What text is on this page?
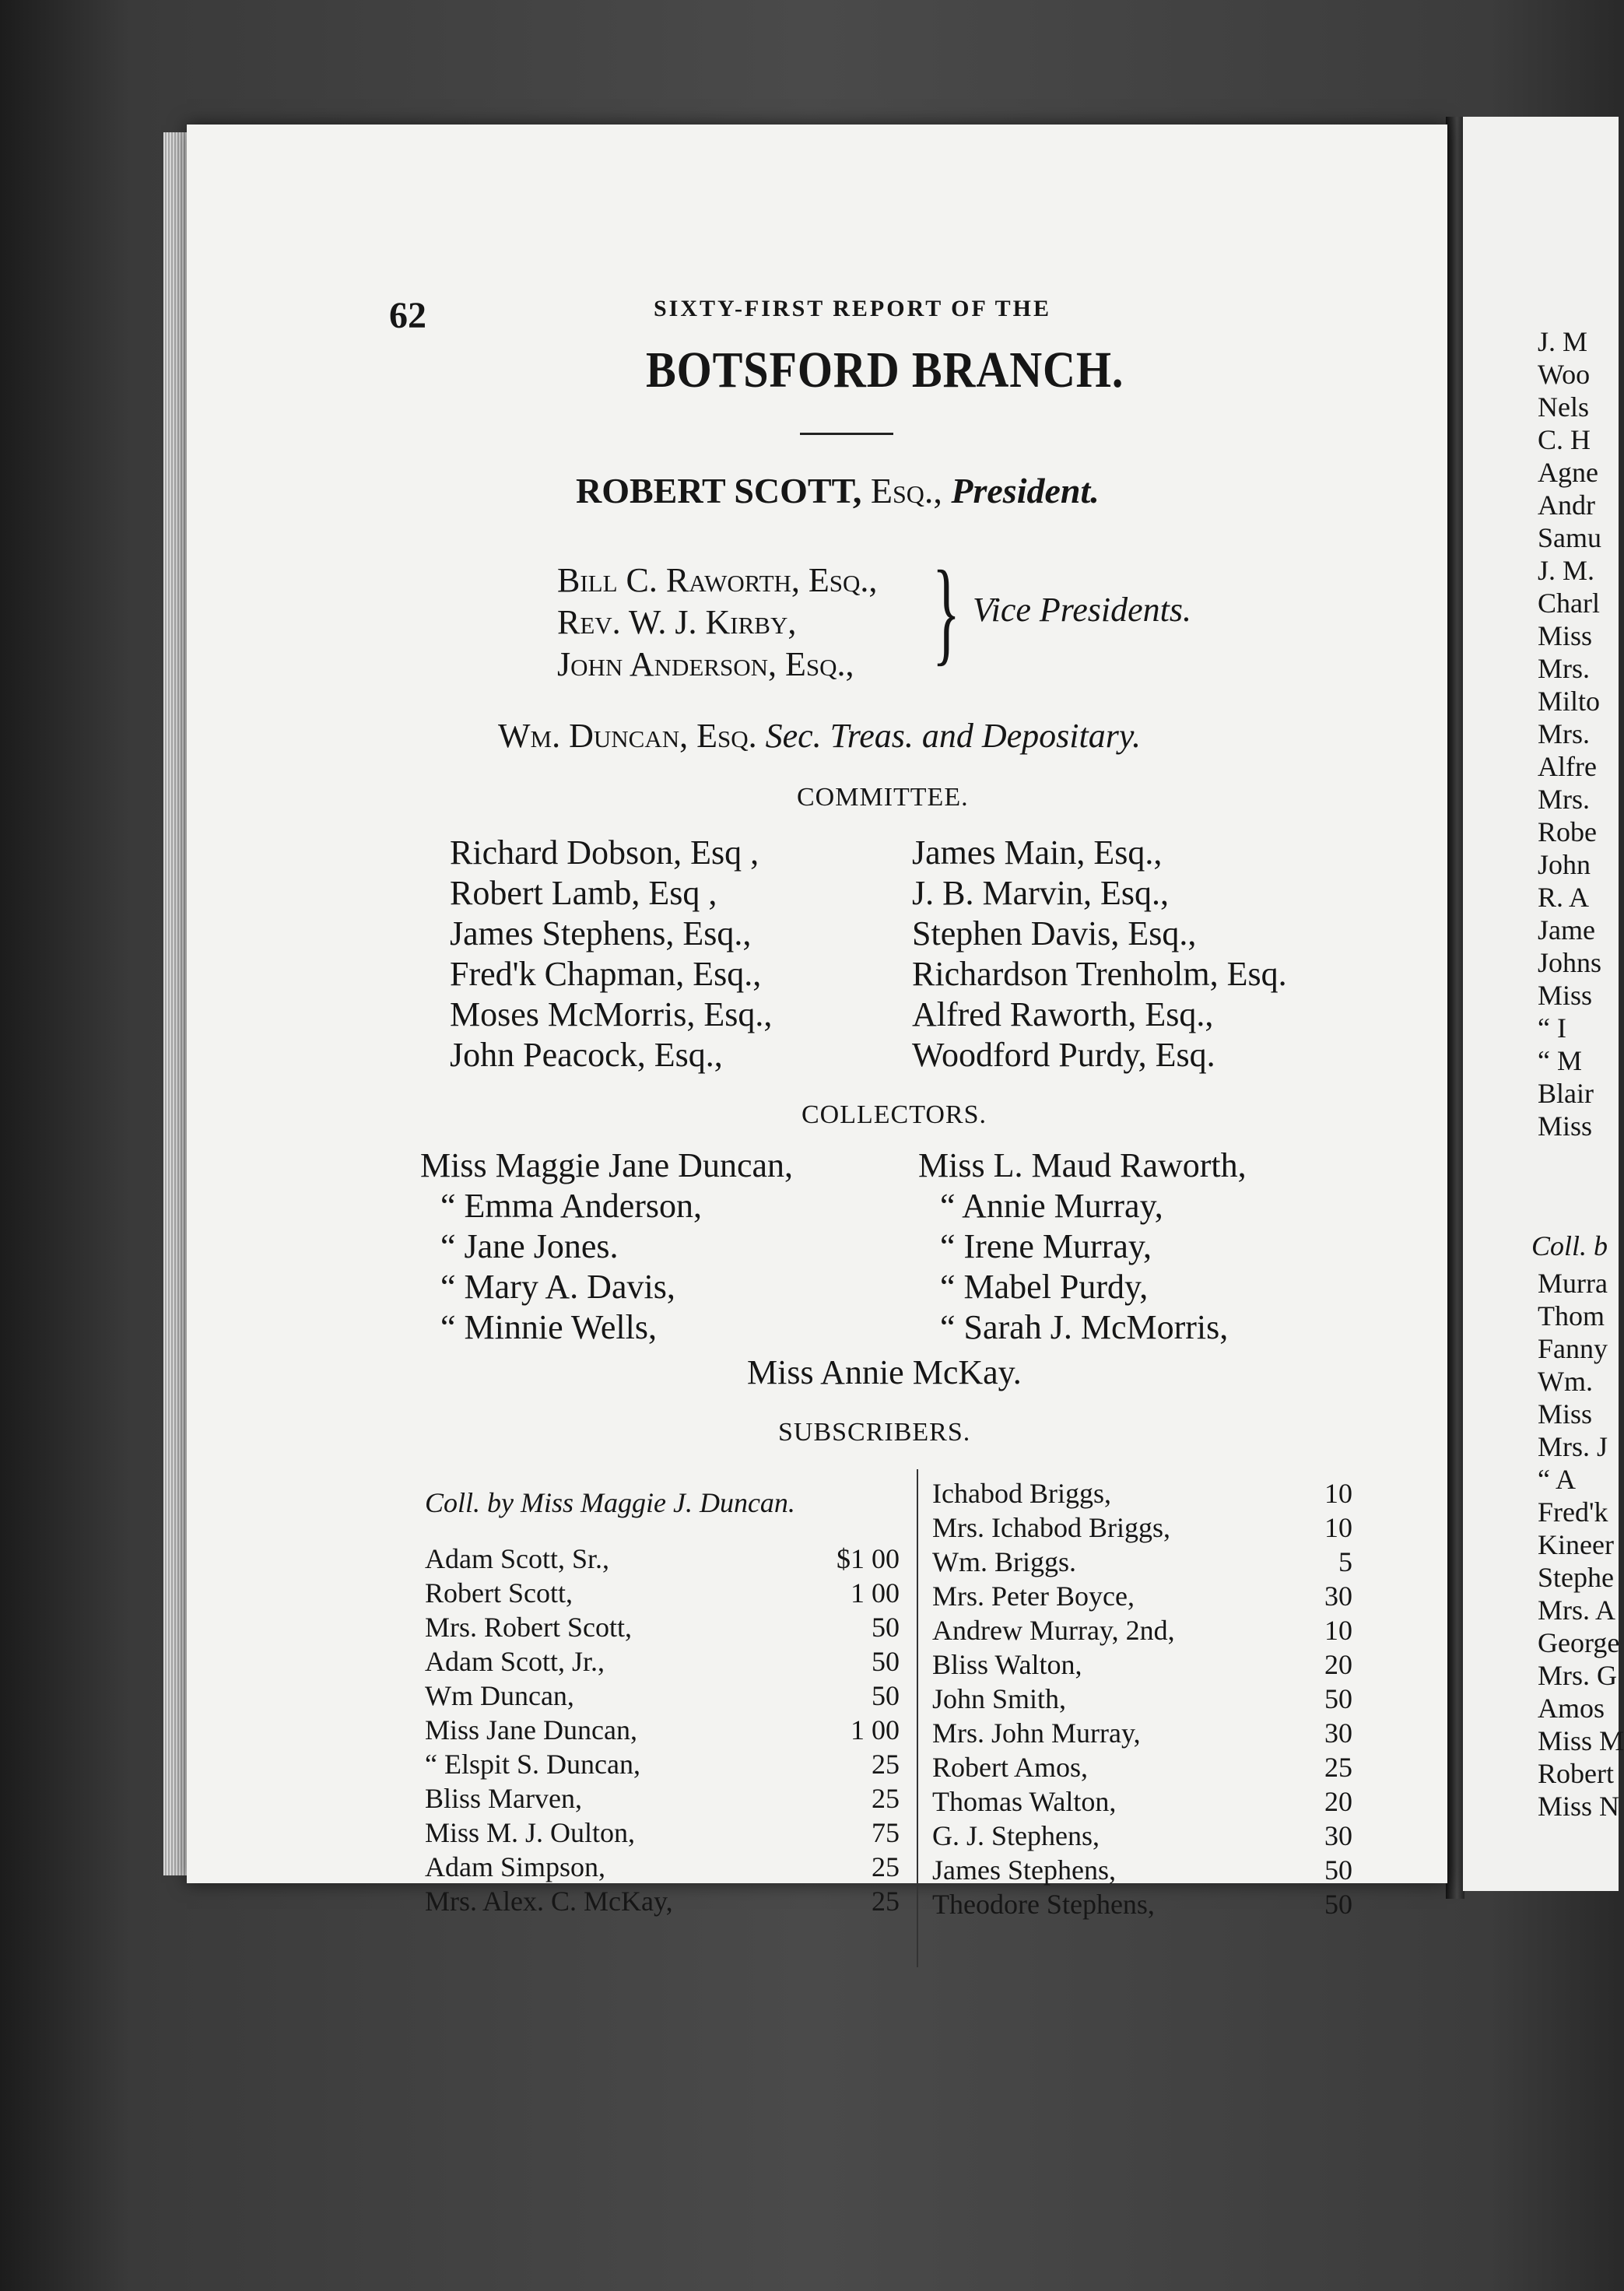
62	SIXTY-FIRST REPORT OF THE
BOTSFORD BRANCH.
ROBERT SCOTT, Esq., President.
Bill C. Raworth, Esq.,
Rev. W. J. Kirby,
John Anderson, Esq., } Vice Presidents.
Wm. Duncan, Esq. Sec. Treas. and Depositary.
COMMITTEE.
Richard Dobson, Esq ,
Robert Lamb, Esq ,
James Stephens, Esq.,
Fred'k Chapman, Esq.,
Moses McMorris, Esq.,
John Peacock, Esq.,
James Main, Esq.,
J. B. Marvin, Esq.,
Stephen Davis, Esq.,
Richardson Trenholm, Esq.
Alfred Raworth, Esq.,
Woodford Purdy, Esq.
COLLECTORS.
Miss Maggie Jane Duncan,
“ Emma Anderson,
“ Jane Jones.
“ Mary A. Davis,
“ Minnie Wells,
Miss L. Maud Raworth,
“ Annie Murray,
“ Irene Murray,
“ Mabel Purdy,
“ Sarah J. McMorris,
Miss Annie McKay.
SUBSCRIBERS.
Coll. by Miss Maggie J. Duncan.
Adam Scott, Sr.,	$1 00
Robert Scott,	1 00
Mrs. Robert Scott,	50
Adam Scott, Jr.,	50
Wm Duncan,	50
Miss Jane Duncan,	1 00
“ Elspit S. Duncan,	25
Bliss Marven,	25
Miss M. J. Oulton,	75
Adam Simpson,	25
Mrs. Alex. C. McKay,	25
Ichabod Briggs,	10
Mrs. Ichabod Briggs,	10
Wm. Briggs.	5
Mrs. Peter Boyce,	30
Andrew Murray, 2nd,	10
Bliss Walton,	20
John Smith,	50
Mrs. John Murray,	30
Robert Amos,	25
Thomas Walton,	20
G. J. Stephens,	30
James Stephens,	50
Theodore Stephens,	50
J. M
Woo
Nels
C. H
Agne
Andr
Samu
J. M.
Charl
Miss
Mrs.
Milto
Mrs.
Alfre
Mrs.
Robe
John
R. A
Jame
Johns
Miss
“ I
“ M
Blair
Miss
Coll. b
Murra
Thom
Fanny
Wm.
Miss
Mrs. J
“ A
Fred'k
Kineer
Stephe
Mrs. A
George
Mrs. G
Amos
Miss M
Robert
Miss N
